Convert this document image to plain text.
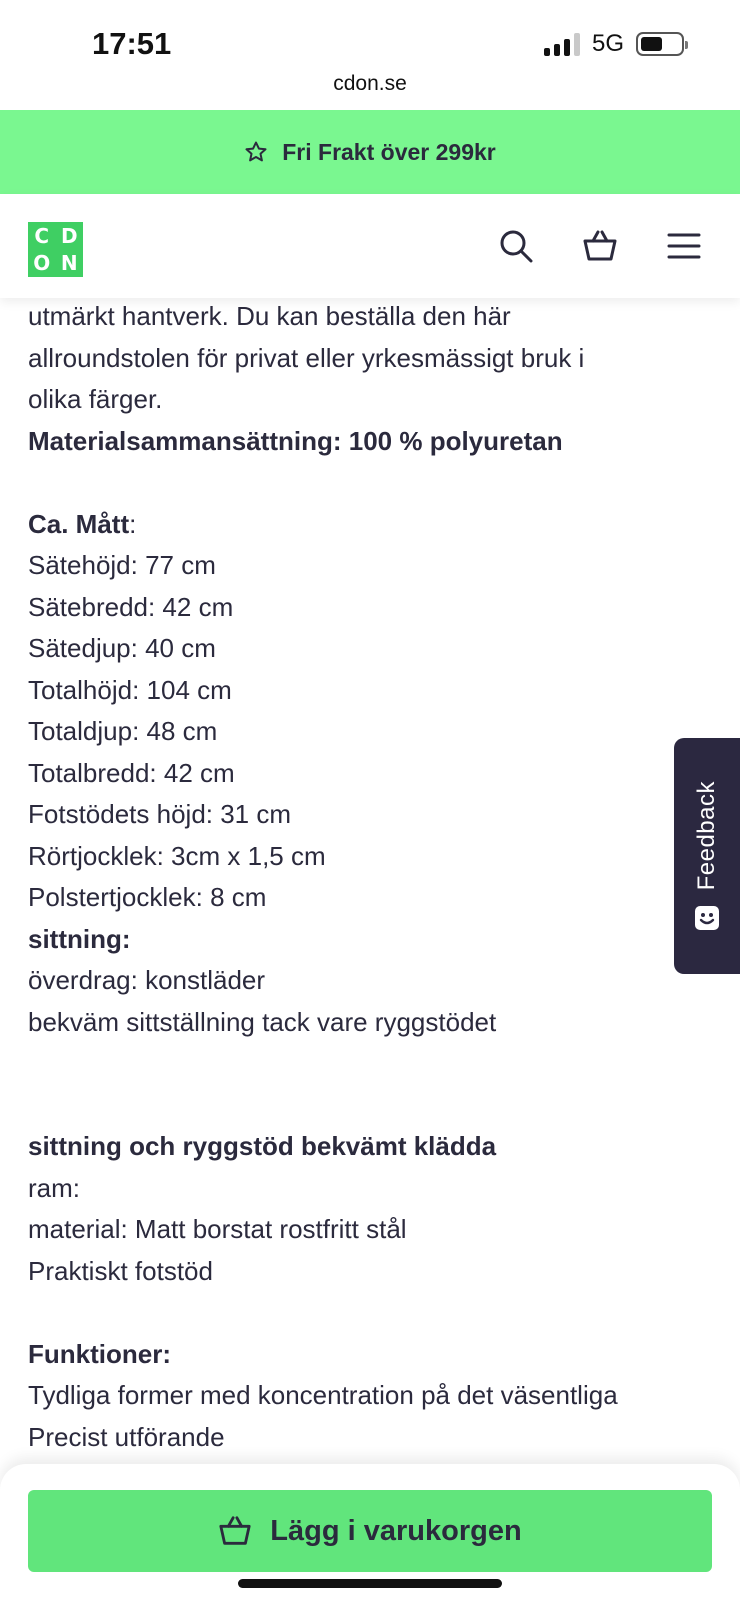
17:51	5G
cdon.se
Fri Frakt över 299kr
C D
O N

utmärkt hantverk. Du kan beställa den här

allroundstolen för privat eller yrkesmässigt bruk i

olika färger.

Materialsammansättning: 100 % polyuretan

Ca. Mått:

Sätehöjd: 77 cm

Sätebredd: 42 cm

Sätedjup: 40 cm

Totalhöjd: 104 cm

Totaldjup: 48 cm

Totalbredd: 42 cm

Fotstödets höjd: 31 cm

Rörtjocklek: 3cm x 1,5 cm

Polstertjocklek: 8 cm

sittning:

överdrag: konstläder

bekväm sittställning tack vare ryggstödet

sittning och ryggstöd bekvämt klädda

ram:

material: Matt borstat rostfritt stål

Praktiskt fotstöd

Funktioner:

Tydliga former med koncentration på det väsentliga

Precist utförande

Feedback
Lägg i varukorgen
